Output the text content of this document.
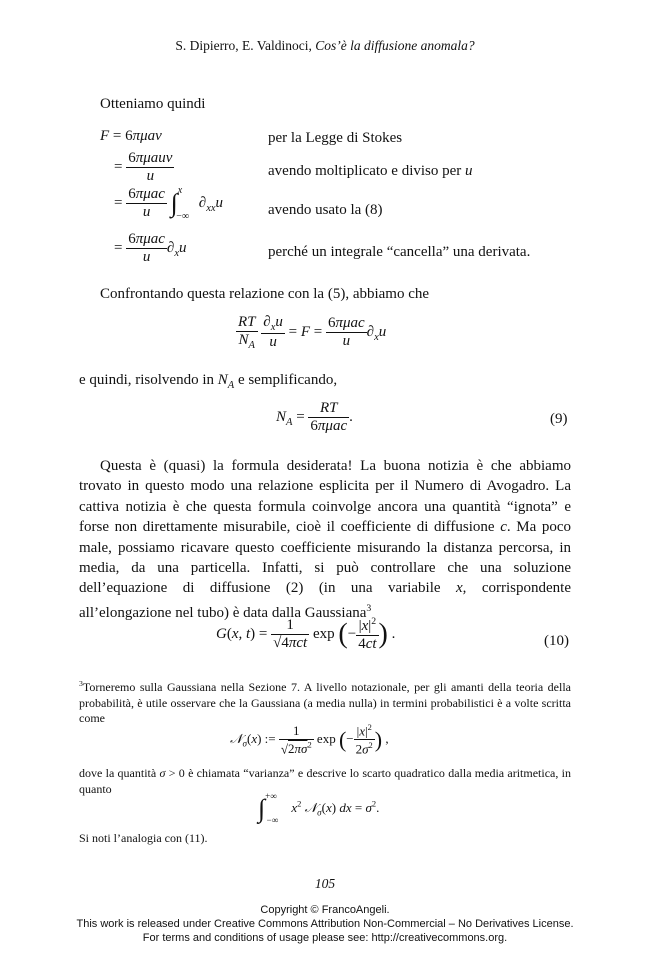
S. Dipierro, E. Valdinoci, Cos’è la diffusione anomala?
Otteniamo quindi
F = 6πμav	per la Legge di Stokes
= $\frac{\text{6πμauv}}{u}$	avendo moltiplicato e diviso per u
= $\frac{\text{6πμac}}{u} \int^x_{-\infty}$ $\partial_{xx}u$	avendo usato la (8)
= $\frac{\text{6πμac}}{u} \partial_xu$	perché un integrale “cancella” una derivata.
Confrontando questa relazione con la (5), abbiamo che
$\frac{RT}{N_A}$
$\frac{\partial_xu}{u} = F = \frac{\text{6πμac}}{u} \partial_xu$
e quindi, risolvendo in $N_A$ e semplificando,
$N_A = \frac{RT}{\text{6πμac}}$ .	(9)
Questa è (quasi) la formula desiderata! La buona notizia è che abbiamo trovato in questo modo una relazione esplicita per il Numero di Avogadro. La cattiva notizia è che questa formula coinvolge ancora una quantità “ignota” e forse non direttamente misurabile, cioè il coefficiente di diffusione c. Ma poco male, possiamo ricavare questo coefficiente misurando la distanza percorsa, in media, da una particella. Infatti, si può controllare che una soluzione dell’equazione di diffusione (2) (in una variabile x, corrispondente all’elongazione nel tubo) è data dalla Gaussiana$^3$
G(x, $t) = \frac{1}{\text{√4πct}}$ exp (− $\frac{|x|^2}{4ct}$ ) .	(10)
$^3$Torneremo sulla Gaussiana nella Sezione 7. A livello notazionale, per gli amanti della teoria della probabilità, è utile osservare che la Gaussiana (a media nulla) in termini probabilistici è a volte scritta come
𝒩$_\sigma$(x) := $\frac{1}{√2\pi\sigma^2}$ exp (− $\frac{|x|^2}{2\sigma^2}$ ) ,
dove la quantità σ > 0 è chiamata “varianza” e descrive lo scarto quadratico dalla media aritmetica, in quanto
$\int^{+\infty}_{-\infty}$ $x^2$ 𝒩$_\sigma$(x) dx = $\sigma^2$.
Si noti l’analogia con (11).
105
Copyright © FrancoAngeli.
This work is released under Creative Commons Attribution Non-Commercial – No Derivatives License.
For terms and conditions of usage please see: http://creativecommons.org.
